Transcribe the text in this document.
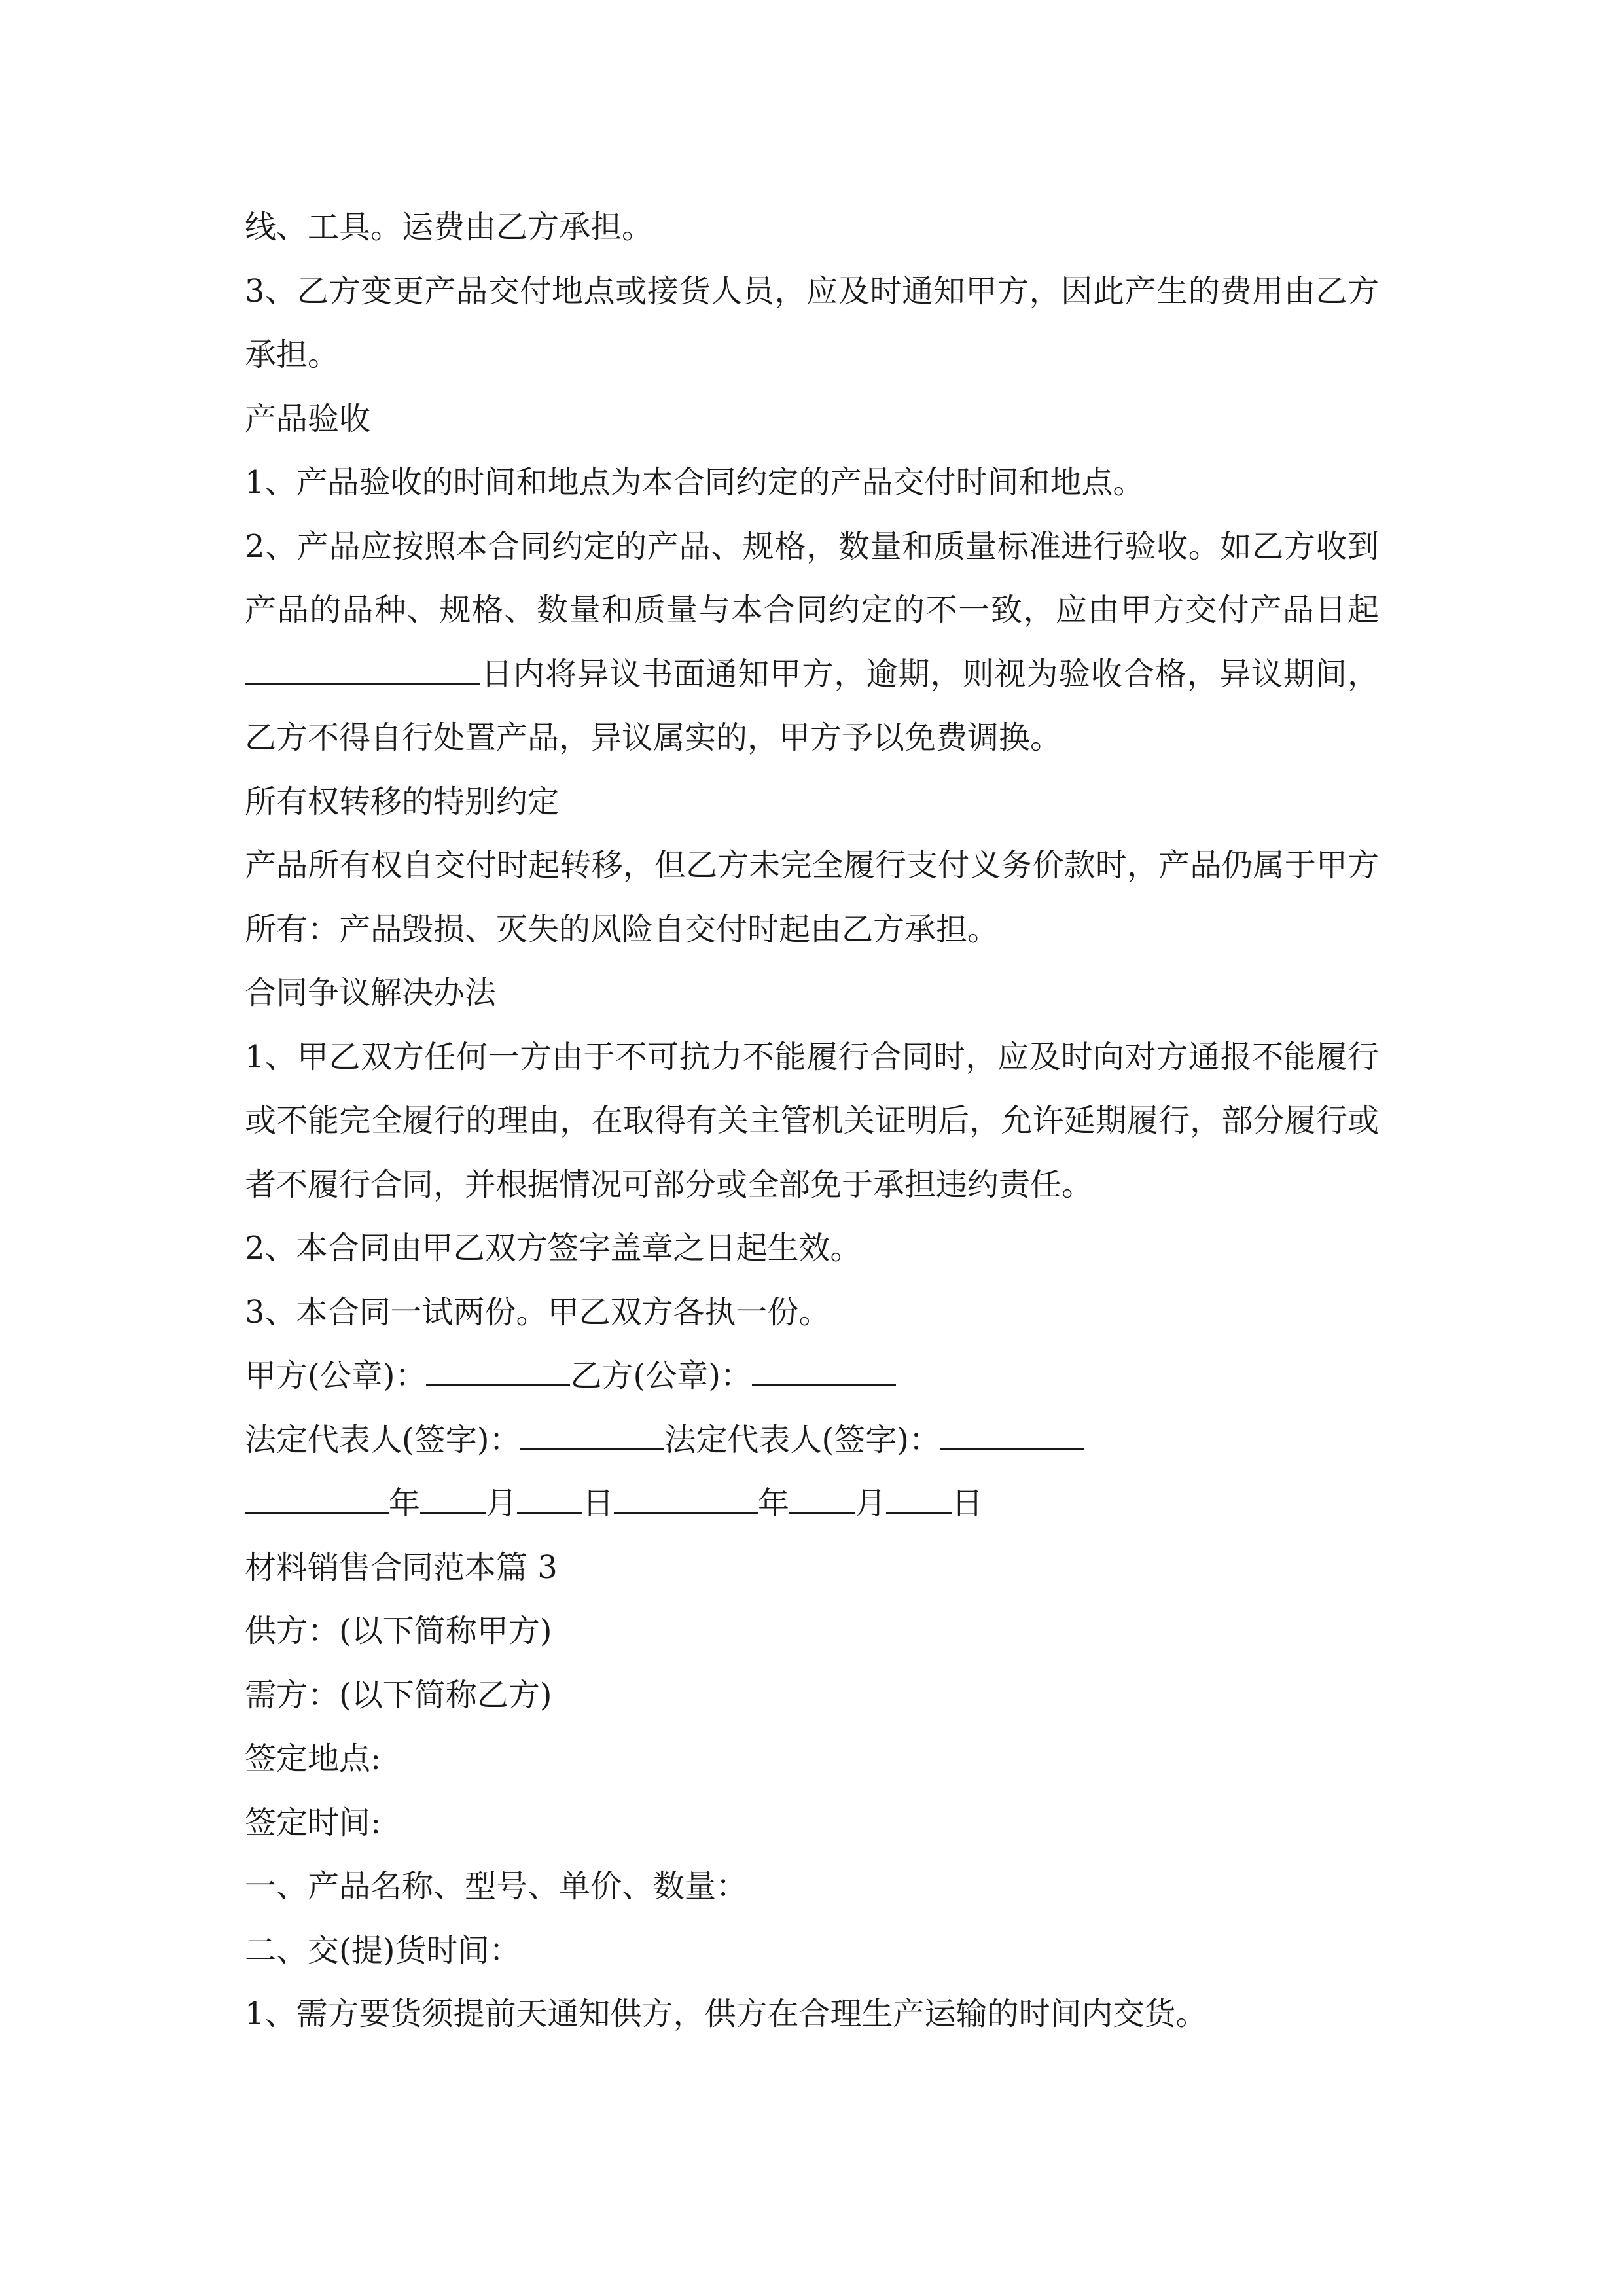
线、工具。运费由乙方承担。

3、乙方变更产品交付地点或接货人员，应及时通知甲方，因此产生的费用由乙方承担。

产品验收

1、产品验收的时间和地点为本合同约定的产品交付时间和地点。

2、产品应按照本合同约定的产品、规格，数量和质量标准进行验收。如乙方收到产品的品种、规格、数量和质量与本合同约定的不一致，应由甲方交付产品日起日内将异议书面通知甲方，逾期，则视为验收合格，异议期间，乙方不得自行处置产品，异议属实的，甲方予以免费调换。

所有权转移的特别约定

产品所有权自交付时起转移，但乙方未完全履行支付义务价款时，产品仍属于甲方所有：产品毁损、灭失的风险自交付时起由乙方承担。

合同争议解决办法

1、甲乙双方任何一方由于不可抗力不能履行合同时，应及时向对方通报不能履行或不能完全履行的理由，在取得有关主管机关证明后，允许延期履行，部分履行或者不履行合同，并根据情况可部分或全部免于承担违约责任。

2、本合同由甲乙双方签字盖章之日起生效。

3、本合同一试两份。甲乙双方各执一份。

甲方(公章)：	乙方(公章)：

法定代表人(签字)：	法定代表人(签字)：

年 月 日	年 月 日

材料销售合同范本篇 3

供方：(以下简称甲方)

需方：(以下简称乙方)

签定地点:

签定时间:

一、产品名称、型号、单价、数量：

二、交(提)货时间：

1、需方要货须提前天通知供方，供方在合理生产运输的时间内交货。
